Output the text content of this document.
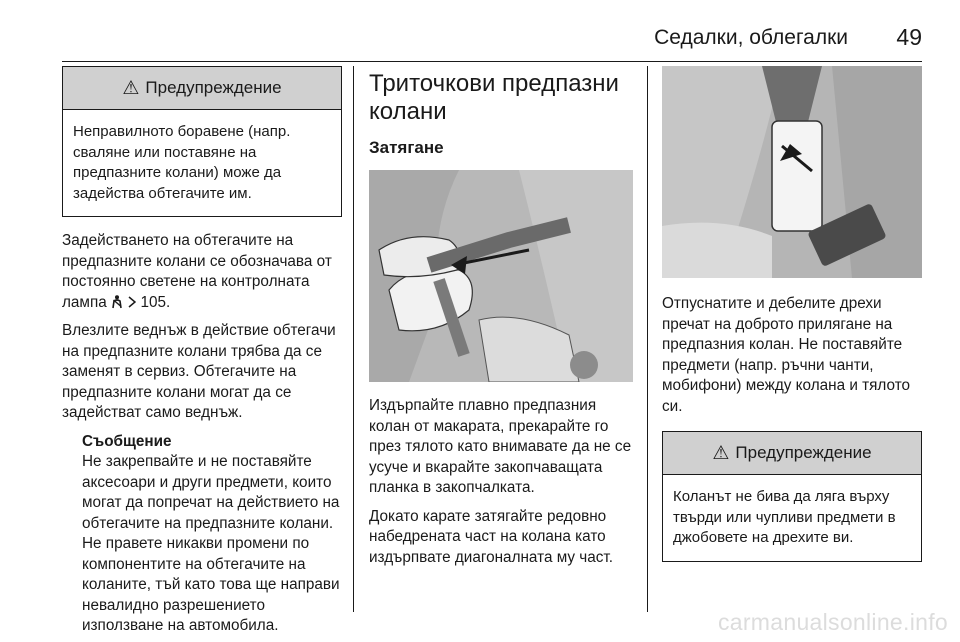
Седалки, облегалки 49
⚠ Предупреждение
Неправилното боравене (напр. сваляне или поставяне на предпазните колани) може да задейства обтегачите им.

Задействането на обтегачите на предпазните колани се обозначава от постоянно светене на контролната лампа 105.

Влезлите веднъж в действие обтегачи на предпазните колани трябва да се заменят в сервиз. Обтегачите на предпазните колани могат да се задействат само веднъж.

Съобщение

Не закрепвайте и не поставяйте аксесоари и други предмети, които могат да попречат на действието на обтегачите на предпазните колани. Не правете никакви промени по компонентите на обтегачите на коланите, тъй като това ще направи невалидно разрешението използване на автомобила.

Триточкови предпазни колани
Затягане

Издърпайте плавно предпазния колан от макарата, прекарайте го през тялото като внимавате да не се усуче и вкарайте закопчаващата планка в закопчалката.

Докато карате затягайте редовно набедрената част на колана като издърпвате диагоналната му част.

Отпуснатите и дебелите дрехи пречат на доброто прилягане на предпазния колан. Не поставяйте предмети (напр. ръчни чанти, мобифони) между колана и тялото си.

⚠ Предупреждение
Коланът не бива да ляга върху твърди или чупливи предмети в джобовете на дрехите ви.
carmanualsonline.info
